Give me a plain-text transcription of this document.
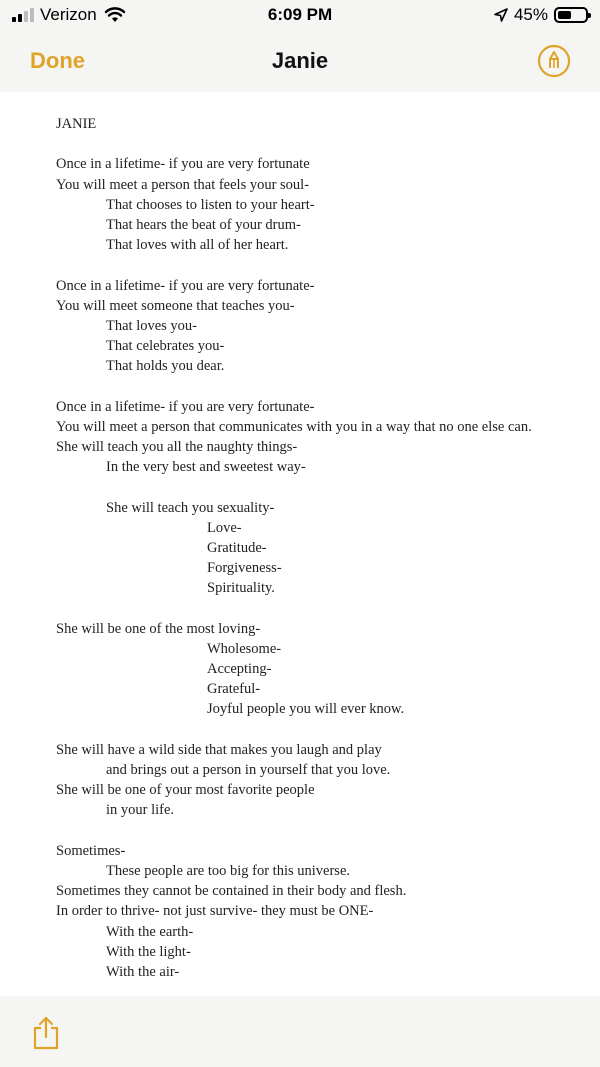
Verizon	6:09 PM	45%
Done	Janie
JANIE
Once in a lifetime- if you are very fortunate
You will meet a person that feels your soul-
That chooses to listen to your heart-
That hears the beat of your drum-
That loves with all of her heart.
Once in a lifetime- if you are very fortunate-
You will meet someone that teaches you-
That loves you-
That celebrates you-
That holds you dear.
Once in a lifetime- if you are very fortunate-
You will meet a person that communicates with you in a way that no one else can.
She will teach you all the naughty things-
In the very best and sweetest way-
She will teach you sexuality-
Love-
Gratitude-
Forgiveness-
Spirituality.
She will be one of the most loving-
Wholesome-
Accepting-
Grateful-
Joyful people you will ever know.
She will have a wild side that makes you laugh and play
and brings out a person in yourself that you love.
She will be one of your most favorite people
in your life.
Sometimes-
These people are too big for this universe.
Sometimes they cannot be contained in their body and flesh.
In order to thrive- not just survive- they must be ONE-
With the earth-
With the light-
With the air-
